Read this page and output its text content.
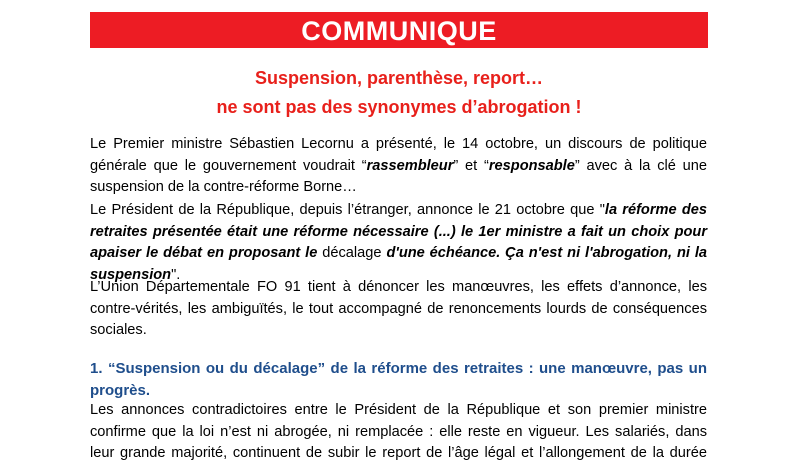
COMMUNIQUE
Suspension, parenthèse, report…
ne sont pas des synonymes d’abrogation !
Le Premier ministre Sébastien Lecornu a présenté, le 14 octobre, un discours de politique
générale que le gouvernement voudrait “rassembleur” et “responsable” avec à la clé une
suspension de la contre-réforme Borne…
Le Président de la République, depuis l’étranger, annonce le 21 octobre que "la réforme des
retraites présentée était une réforme nécessaire (...) le 1er ministre a fait un choix pour
apaiser le débat en proposant le décalage d'une échéance. Ça n'est ni l'abrogation, ni la
suspension".
L’Union Départementale FO 91 tient à dénoncer les manœuvres, les effets d’annonce, les
contre-vérités, les ambiguïtés, le tout accompagné de renoncements lourds de conséquences
sociales.
1. “Suspension ou du décalage” de la réforme des retraites : une manœuvre, pas un
progrès.
Les annonces contradictoires entre le Président de la République et son premier ministre
confirme que la loi n’est ni abrogée, ni remplacée : elle reste en vigueur. Les salariés, dans
leur grande majorité, continuent de subir le report de l’âge légal et l’allongement de la durée
